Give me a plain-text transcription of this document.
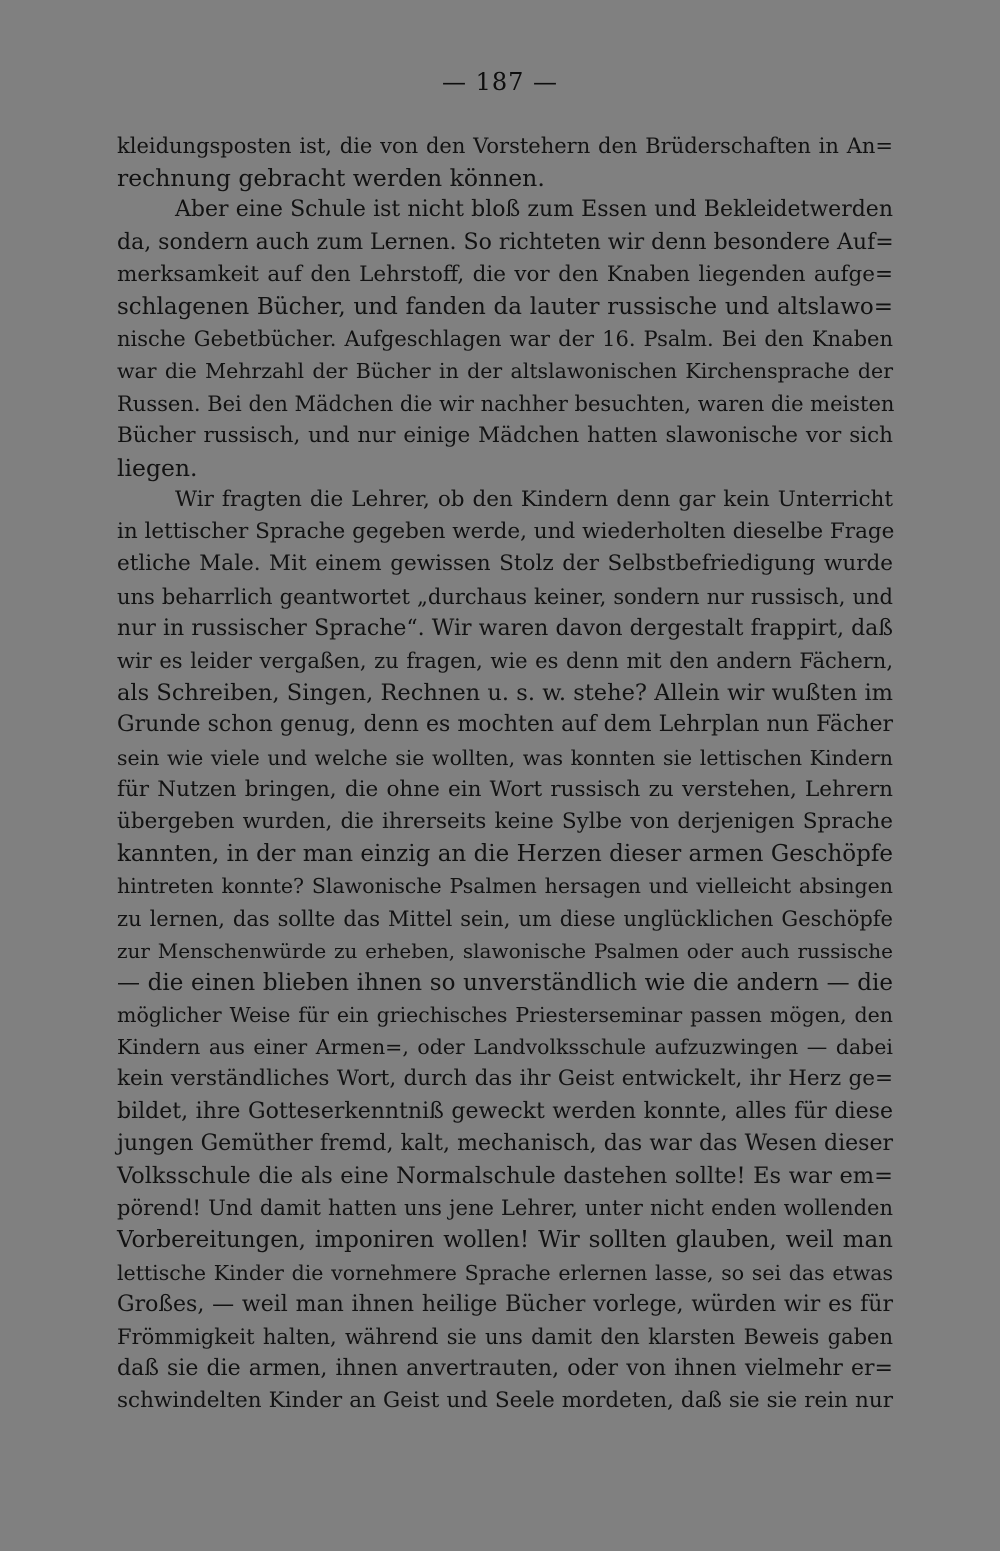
— 187 —
kleidungsposten ist, die von den Vorstehern den Brüderschaften in An=
rechnung gebracht werden können.
Aber eine Schule ist nicht bloß zum Essen und Bekleidetwerden
da, sondern auch zum Lernen. So richteten wir denn besondere Auf=
merksamkeit auf den Lehrstoff, die vor den Knaben liegenden aufge=
schlagenen Bücher, und fanden da lauter russische und altslawo=
nische Gebetbücher. Aufgeschlagen war der 16. Psalm. Bei den Knaben
war die Mehrzahl der Bücher in der altslawonischen Kirchensprache der
Russen. Bei den Mädchen die wir nachher besuchten, waren die meisten
Bücher russisch, und nur einige Mädchen hatten slawonische vor sich
liegen.
Wir fragten die Lehrer, ob den Kindern denn gar kein Unterricht
in lettischer Sprache gegeben werde, und wiederholten dieselbe Frage
etliche Male. Mit einem gewissen Stolz der Selbstbefriedigung wurde
uns beharrlich geantwortet „durchaus keiner, sondern nur russisch, und
nur in russischer Sprache“. Wir waren davon dergestalt frappirt, daß
wir es leider vergaßen, zu fragen, wie es denn mit den andern Fächern,
als Schreiben, Singen, Rechnen u. s. w. stehe? Allein wir wußten im
Grunde schon genug, denn es mochten auf dem Lehrplan nun Fächer
sein wie viele und welche sie wollten, was konnten sie lettischen Kindern
für Nutzen bringen, die ohne ein Wort russisch zu verstehen, Lehrern
übergeben wurden, die ihrerseits keine Sylbe von derjenigen Sprache
kannten, in der man einzig an die Herzen dieser armen Geschöpfe
hintreten konnte? Slawonische Psalmen hersagen und vielleicht absingen
zu lernen, das sollte das Mittel sein, um diese unglücklichen Geschöpfe
zur Menschenwürde zu erheben, slawonische Psalmen oder auch russische
— die einen blieben ihnen so unverständlich wie die andern — die
möglicher Weise für ein griechisches Priesterseminar passen mögen, den
Kindern aus einer Armen=, oder Landvolksschule aufzuzwingen — dabei
kein verständliches Wort, durch das ihr Geist entwickelt, ihr Herz ge=
bildet, ihre Gotteserkenntniß geweckt werden konnte, alles für diese
jungen Gemüther fremd, kalt, mechanisch, das war das Wesen dieser
Volksschule die als eine Normalschule dastehen sollte! Es war em=
pörend! Und damit hatten uns jene Lehrer, unter nicht enden wollenden
Vorbereitungen, imponiren wollen! Wir sollten glauben, weil man
lettische Kinder die vornehmere Sprache erlernen lasse, so sei das etwas
Großes, — weil man ihnen heilige Bücher vorlege, würden wir es für
Frömmigkeit halten, während sie uns damit den klarsten Beweis gaben
daß sie die armen, ihnen anvertrauten, oder von ihnen vielmehr er=
schwindelten Kinder an Geist und Seele mordeten, daß sie sie rein nur
